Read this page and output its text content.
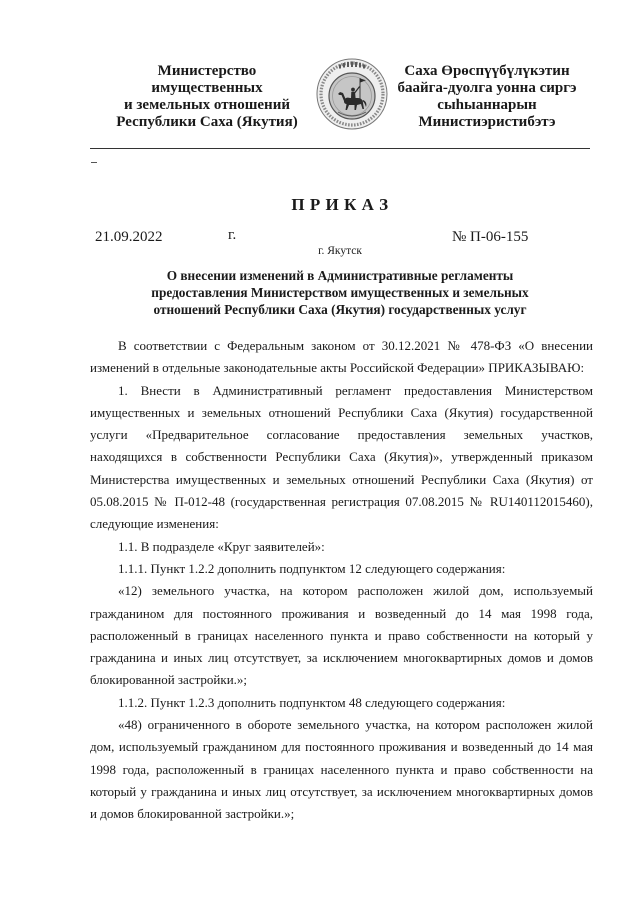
Министерство
имущественных
и земельных отношений
Республики Саха (Якутия)
Саха Өрөспүүбүлүкэтин
баайга-дуолга уонна сиргэ
сыһыаннарын
Министиэристибэтэ
П Р И К А З
21.09.2022	г.	№ П-06-155
г. Якутск
О внесении изменений в Административные регламенты
предоставления Министерством имущественных и земельных
отношений Республики Саха (Якутия) государственных услуг
В соответствии с Федеральным законом от 30.12.2021 № 478-ФЗ «О внесении
изменений в отдельные законодательные акты Российской Федерации» ПРИКАЗЫВАЮ:
1. Внести в Административный регламент предоставления Министерством
имущественных и земельных отношений Республики Саха (Якутия) государственной
услуги «Предварительное согласование предоставления земельных участков,
находящихся в собственности Республики Саха (Якутия)», утвержденный приказом
Министерства имущественных и земельных отношений Республики Саха (Якутия) от
05.08.2015 № П-012-48 (государственная регистрация 07.08.2015 № RU140112015460),
следующие изменения:
1.1. В подразделе «Круг заявителей»:
1.1.1. Пункт 1.2.2 дополнить подпунктом 12 следующего содержания:
«12) земельного участка, на котором расположен жилой дом, используемый
гражданином для постоянного проживания и возведенный до 14 мая 1998 года,
расположенный в границах населенного пункта и право собственности на который у
гражданина и иных лиц отсутствует, за исключением многоквартирных домов и домов
блокированной застройки.»;
1.1.2. Пункт 1.2.3 дополнить подпунктом 48 следующего содержания:
«48) ограниченного в обороте земельного участка, на котором расположен жилой
дом, используемый гражданином для постоянного проживания и возведенный до 14 мая
1998 года, расположенный в границах населенного пункта и право собственности на
который у гражданина и иных лиц отсутствует, за исключением многоквартирных домов
и домов блокированной застройки.»;
